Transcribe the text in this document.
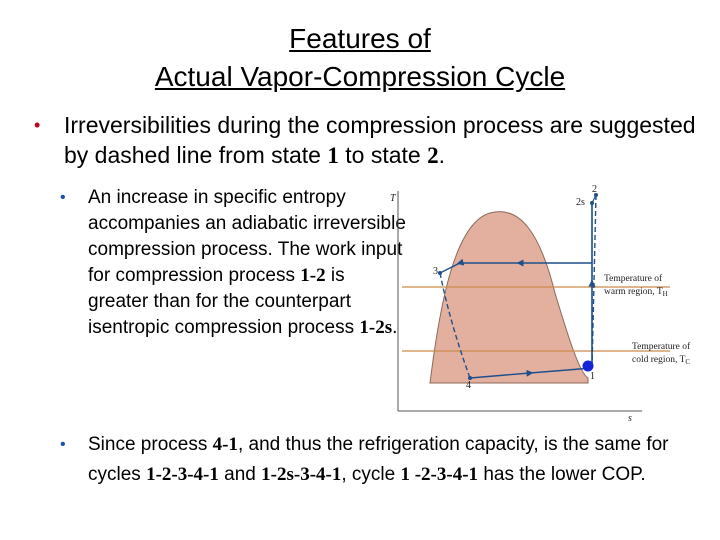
Features of
Actual Vapor-Compression Cycle
• Irreversibilities during the compression process are suggested by dashed line from state 1 to state 2.
• An increase in specific entropy accompanies an adiabatic irreversible compression process. The work input for compression process 1-2 is greater than for the counterpart isentropic compression process 1-2s.
• Since process 4-1, and thus the refrigeration capacity, is the same for cycles 1-2-3-4-1 and 1-2s-3-4-1, cycle 1 -2-3-4-1 has the lower COP.
T
s
2
2s
3
4
1
Temperature of
warm region, $T_H$
Temperature of
cold region, $T_C$
